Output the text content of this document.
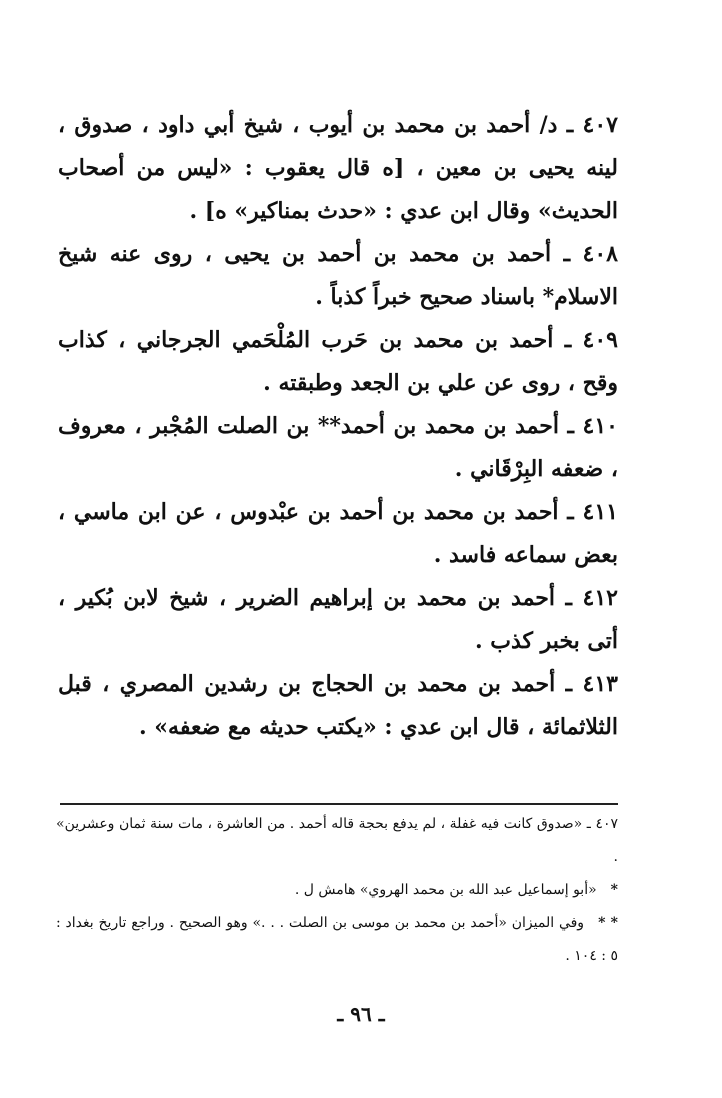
٤٠٧ ـ د/ أحمد بن محمد بن أيوب ، شيخ أبي داود ، صدوق ، لينه يحيى بن معين ، [ه قال يعقوب : «ليس من أصحاب الحديث» وقال ابن عدي : «حدث بمناكير» ه] .

٤٠٨ ـ أحمد بن محمد بن أحمد بن يحيى ، روى عنه شيخ الاسلام* باسناد صحيح خبراً كذباً .

٤٠٩ ـ أحمد بن محمد بن حَرب المُلْحَمي الجرجاني ، كذاب وقح ، روى عن علي بن الجعد وطبقته .

٤١٠ ـ أحمد بن محمد بن أحمد** بن الصلت المُجْبر ، معروف ، ضعفه البِرْقَاني .

٤١١ ـ أحمد بن محمد بن أحمد بن عبْدوس ، عن ابن ماسي ، بعض سماعه فاسد .

٤١٢ ـ أحمد بن محمد بن إبراهيم الضرير ، شيخ لابن بُكير ، أتى بخبر كذب .

٤١٣ ـ أحمد بن محمد بن الحجاج بن رشدين المصري ، قبل الثلاثمائة ، قال ابن عدي : «يكتب حديثه مع ضعفه» .

٤٠٧ ـ «صدوق كانت فيه غفلة ، لم يدفع بحجة قاله أحمد . من العاشرة ، مات سنة ثمان وعشرين» .

*«أبو إسماعيل عبد الله بن محمد الهروي» هامش ل .

* *وفي الميزان «أحمد بن محمد بن موسى بن الصلت . . .» وهو الصحيح . وراجع تاريخ بغداد : ٥ : ١٠٤ .

ـ ٩٦ ـ
